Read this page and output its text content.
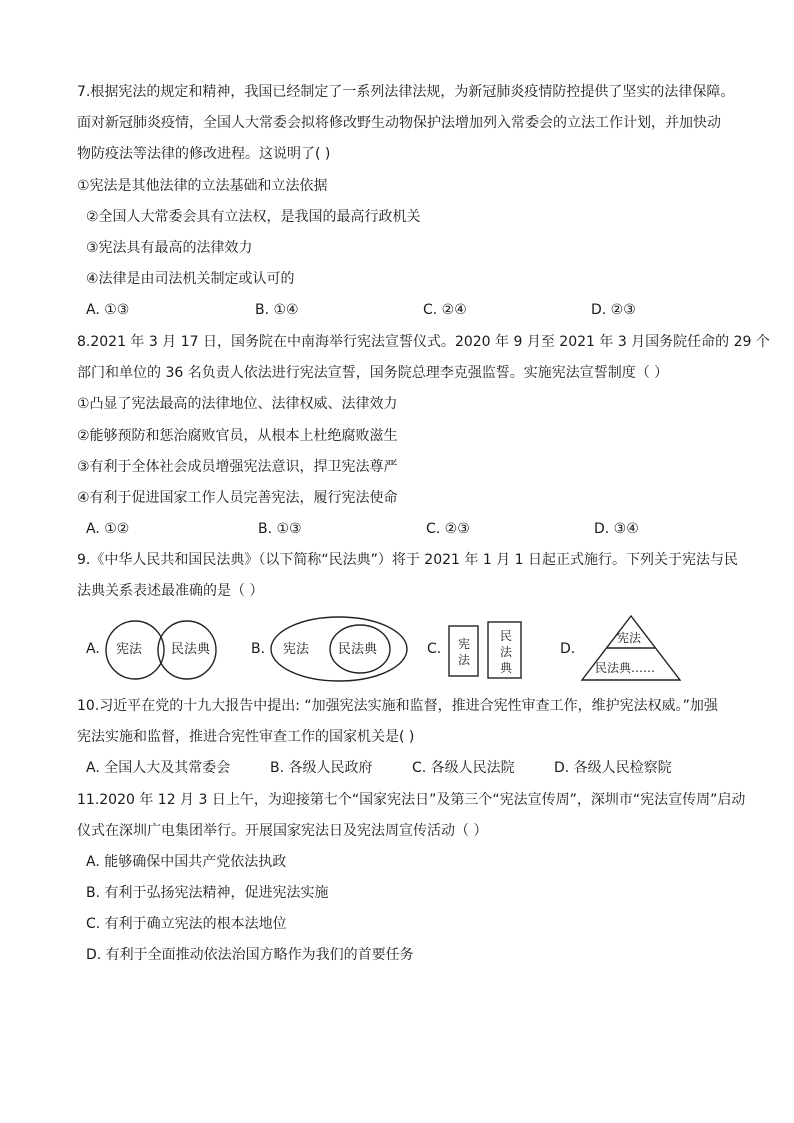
7.根据宪法的规定和精神，我国已经制定了一系列法律法规，为新冠肺炎疫情防控提供了坚实的法律保障。
面对新冠肺炎疫情，全国人大常委会拟将修改野生动物保护法增加列入常委会的立法工作计划，并加快动
物防疫法等法律的修改进程。这说明了( )
①宪法是其他法律的立法基础和立法依据
②全国人大常委会具有立法权，是我国的最高行政机关
③宪法具有最高的法律效力
④法律是由司法机关制定或认可的
A. ①③	B. ①④	C. ②④	D. ②③
8.2021 年 3 月 17 日，国务院在中南海举行宪法宣誓仪式。2020 年 9 月至 2021 年 3 月国务院任命的 29 个
部门和单位的 36 名负责人依法进行宪法宣誓，国务院总理李克强监誓。实施宪法宣誓制度（ ）
①凸显了宪法最高的法律地位、法律权威、法律效力
②能够预防和惩治腐败官员，从根本上杜绝腐败滋生
③有利于全体社会成员增强宪法意识，捍卫宪法尊严
④有利于促进国家工作人员完善宪法，履行宪法使命
A. ①②	B. ①③	C. ②③	D. ③④
9.《中华人民共和国民法典》（以下简称“民法典”）将于 2021 年 1 月 1 日起正式施行。下列关于宪法与民
法典关系表述最准确的是（ ）
A. 宪法 民法典	B. 宪法 民法典	C. 宪
法
民
法
典
D.
宪法
民法典……
10.习近平在党的十九大报告中提出: “加强宪法实施和监督，推进合宪性审查工作，维护宪法权威。”加强
宪法实施和监督，推进合宪性审查工作的国家机关是( )
A. 全国人大及其常委会	B. 各级人民政府	C. 各级人民法院	D. 各级人民检察院
11.2020 年 12 月 3 日上午，为迎接第七个“国家宪法日”及第三个“宪法宣传周”，深圳市“宪法宣传周”启动
仪式在深圳广电集团举行。开展国家宪法日及宪法周宣传活动（ ）
A. 能够确保中国共产党依法执政
B. 有利于弘扬宪法精神，促进宪法实施
C. 有利于确立宪法的根本法地位
D. 有利于全面推动依法治国方略作为我们的首要任务
